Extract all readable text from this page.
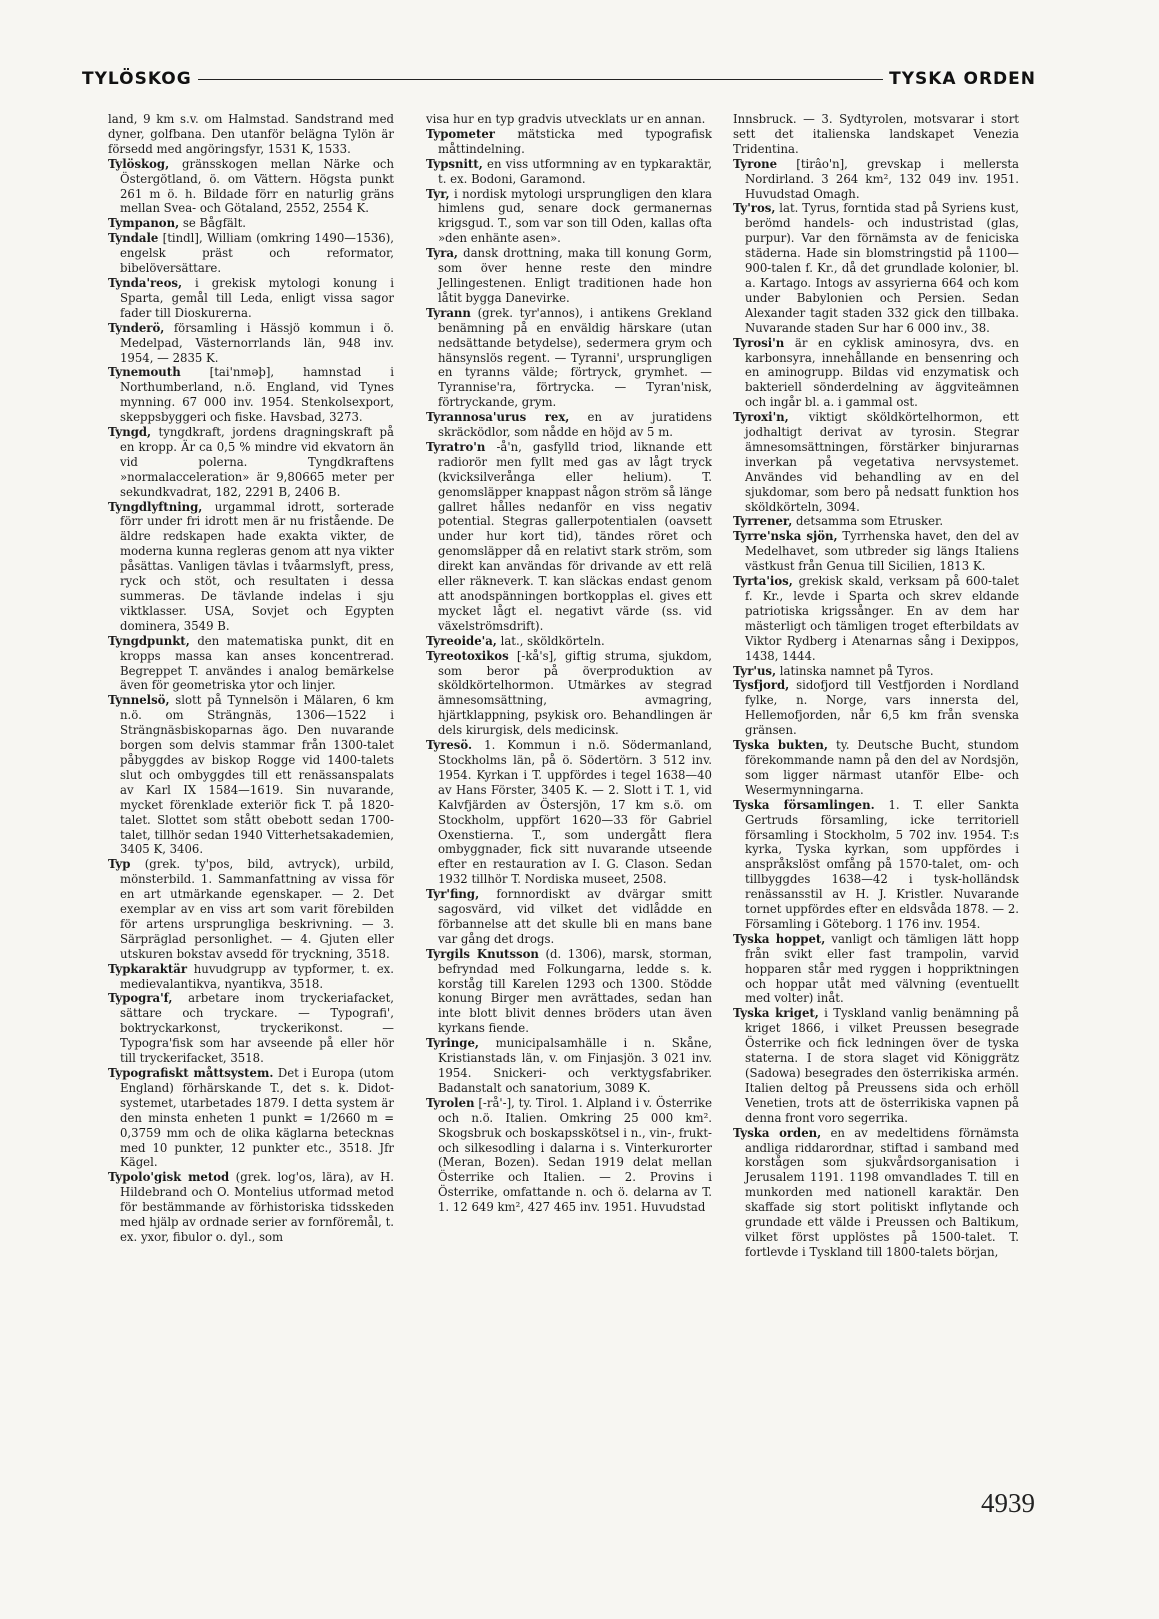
TYLÖSKOG	TYSKA ORDEN
land, 9 km s.v. om Halmstad. Sandstrand med dyner, golfbana. Den utanför belägna Tylön är försedd med angöringsfyr, 1531 K, 1533.
Tylöskog, gränsskogen mellan Närke och Östergötland, ö. om Vättern. Högsta punkt 261 m ö. h. Bildade förr en naturlig gräns mellan Svea- och Götaland, 2552, 2554 K.
Tympanon, se Bågfält.
Tyndale [tindl], William (omkring 1490—1536), engelsk präst och reformator, bibelöversättare.
Tynda'reos, i grekisk mytologi konung i Sparta, gemål till Leda, enligt vissa sagor fader till Dioskurerna.
Tynderö, församling i Hässjö kommun i ö. Medelpad, Västernorrlands län, 948 inv. 1954, — 2835 K.
Tynemouth [tai'nməþ], hamnstad i Northumberland, n.ö. England, vid Tynes mynning. 67 000 inv. 1954. Stenkolsexport, skeppsbyggeri och fiske. Havsbad, 3273.
Tyngd, tyngdkraft, jordens dragningskraft på en kropp. Är ca 0,5 % mindre vid ekvatorn än vid polerna. Tyngdkraftens »normalacceleration» är 9,80665 meter per sekundkvadrat, 182, 2291 B, 2406 B.
Tyngdlyftning, urgammal idrott, sorterade förr under fri idrott men är nu fristående. De äldre redskapen hade exakta vikter, de moderna kunna regleras genom att nya vikter påsättas. Vanligen tävlas i tvåarmslyft, press, ryck och stöt, och resultaten i dessa summeras. De tävlande indelas i sju viktklasser. USA, Sovjet och Egypten dominera, 3549 B.
Tyngdpunkt, den matematiska punkt, dit en kropps massa kan anses koncentrerad. Begreppet T. användes i analog bemärkelse även för geometriska ytor och linjer.
Tynnelsö, slott på Tynnelsön i Mälaren, 6 km n.ö. om Strängnäs, 1306—1522 i Strängnäsbiskoparnas ägo. Den nuvarande borgen som delvis stammar från 1300-talet påbyggdes av biskop Rogge vid 1400-talets slut och ombyggdes till ett renässanspalats av Karl IX 1584—1619. Sin nuvarande, mycket förenklade exteriör fick T. på 1820-talet. Slottet som stått obebott sedan 1700-talet, tillhör sedan 1940 Vitterhetsakademien, 3405 K, 3406.
Typ (grek. ty'pos, bild, avtryck), urbild, mönsterbild. 1. Sammanfattning av vissa för en art utmärkande egenskaper. — 2. Det exemplar av en viss art som varit förebilden för artens ursprungliga beskrivning. — 3. Särpräglad personlighet. — 4. Gjuten eller utskuren bokstav avsedd för tryckning, 3518.
Typkaraktär huvudgrupp av typformer, t. ex. medievalantikva, nyantikva, 3518.
Typogra'f, arbetare inom tryckeriafacket, sättare och tryckare. — Typografi', boktryckarkonst, tryckerikonst. — Typogra'fisk som har avseende på eller hör till tryckerifacket, 3518.
Typografiskt måttsystem. Det i Europa (utom England) förhärskande T., det s. k. Didot-systemet, utarbetades 1879. I detta system är den minsta enheten 1 punkt = 1/2660 m = 0,3759 mm och de olika käglarna betecknas med 10 punkter, 12 punkter etc., 3518. Jfr Kägel.
Typolo'gisk metod (grek. log'os, lära), av H. Hildebrand och O. Montelius utformad metod för bestämmande av förhistoriska tidsskeden med hjälp av ordnade serier av fornföremål, t. ex. yxor, fibulor o. dyl., som
visa hur en typ gradvis utvecklats ur en annan.
Typometer mätsticka med typografisk måttindelning.
Typsnitt, en viss utformning av en typkaraktär, t. ex. Bodoni, Garamond.
Tyr, i nordisk mytologi ursprungligen den klara himlens gud, senare dock germanernas krigsgud. T., som var son till Oden, kallas ofta »den enhänte asen».
Tyra, dansk drottning, maka till konung Gorm, som över henne reste den mindre Jellingestenen. Enligt traditionen hade hon låtit bygga Danevirke.
Tyrann (grek. tyr'annos), i antikens Grekland benämning på en enväldig härskare (utan nedsättande betydelse), sedermera grym och hänsynslös regent. — Tyranni', ursprungligen en tyranns välde; förtryck, grymhet. — Tyrannise'ra, förtrycka. — Tyran'nisk, förtryckande, grym.
Tyrannosa'urus rex, en av juratidens skräcködlor, som nådde en höjd av 5 m.
Tyratro'n -å'n, gasfylld triod, liknande ett radiorör men fyllt med gas av lågt tryck (kvicksilverånga eller helium). T. genomsläpper knappast någon ström så länge gallret hålles nedanför en viss negativ potential. Stegras gallerpotentialen (oavsett under hur kort tid), tändes röret och genomsläpper då en relativt stark ström, som direkt kan användas för drivande av ett relä eller räkneverk. T. kan släckas endast genom att anodspänningen bortkopplas el. gives ett mycket lågt el. negativt värde (ss. vid växelströmsdrift).
Tyreoide'a, lat., sköldkörteln.
Tyreotoxikos [-kå's], giftig struma, sjukdom, som beror på överproduktion av sköldkörtelhormon. Utmärkes av stegrad ämnesomsättning, avmagring, hjärtklappning, psykisk oro. Behandlingen är dels kirurgisk, dels medicinsk.
Tyresö. 1. Kommun i n.ö. Södermanland, Stockholms län, på ö. Södertörn. 3 512 inv. 1954. Kyrkan i T. uppfördes i tegel 1638—40 av Hans Förster, 3405 K. — 2. Slott i T. 1, vid Kalvfjärden av Östersjön, 17 km s.ö. om Stockholm, uppfört 1620—33 för Gabriel Oxenstierna. T., som undergått flera ombyggnader, fick sitt nuvarande utseende efter en restauration av I. G. Clason. Sedan 1932 tillhör T. Nordiska museet, 2508.
Tyr'fing, fornnordiskt av dvärgar smitt sagosvärd, vid vilket det vidlådde en förbannelse att det skulle bli en mans bane var gång det drogs.
Tyrgils Knutsson (d. 1306), marsk, storman, befryndad med Folkungarna, ledde s. k. korståg till Karelen 1293 och 1300. Stödde konung Birger men avrättades, sedan han inte blott blivit dennes bröders utan även kyrkans fiende.
Tyringe, municipalsamhälle i n. Skåne, Kristianstads län, v. om Finjasjön. 3 021 inv. 1954. Snickeri- och verktygsfabriker. Badanstalt och sanatorium, 3089 K.
Tyrolen [-rå'-], ty. Tirol. 1. Alpland i v. Österrike och n.ö. Italien. Omkring 25 000 km². Skogsbruk och boskapsskötsel i n., vin-, frukt- och silkesodling i dalarna i s. Vinterkurorter (Meran, Bozen). Sedan 1919 delat mellan Österrike och Italien. — 2. Provins i Österrike, omfattande n. och ö. delarna av T. 1. 12 649 km², 427 465 inv. 1951. Huvudstad
Innsbruck. — 3. Sydtyrolen, motsvarar i stort sett det italienska landskapet Venezia Tridentina.
Tyrone [tirâo'n], grevskap i mellersta Nordirland. 3 264 km², 132 049 inv. 1951. Huvudstad Omagh.
Ty'ros, lat. Tyrus, forntida stad på Syriens kust, berömd handels- och industristad (glas, purpur). Var den förnämsta av de feniciska städerna. Hade sin blomstringstid på 1100—900-talen f. Kr., då det grundlade kolonier, bl. a. Kartago. Intogs av assyrierna 664 och kom under Babylonien och Persien. Sedan Alexander tagit staden 332 gick den tillbaka. Nuvarande staden Sur har 6 000 inv., 38.
Tyrosi'n är en cyklisk aminosyra, dvs. en karbonsyra, innehållande en bensenring och en aminogrupp. Bildas vid enzymatisk och bakteriell sönderdelning av äggviteämnen och ingår bl. a. i gammal ost.
Tyroxi'n, viktigt sköldkörtelhormon, ett jodhaltigt derivat av tyrosin. Stegrar ämnesomsättningen, förstärker binjurarnas inverkan på vegetativa nervsystemet. Användes vid behandling av en del sjukdomar, som bero på nedsatt funktion hos sköldkörteln, 3094.
Tyrrener, detsamma som Etrusker.
Tyrre'nska sjön, Tyrrhenska havet, den del av Medelhavet, som utbreder sig längs Italiens västkust från Genua till Sicilien, 1813 K.
Tyrta'ios, grekisk skald, verksam på 600-talet f. Kr., levde i Sparta och skrev eldande patriotiska krigssånger. En av dem har mästerligt och tämligen troget efterbildats av Viktor Rydberg i Atenarnas sång i Dexippos, 1438, 1444.
Tyr'us, latinska namnet på Tyros.
Tysfjord, sidofjord till Vestfjorden i Nordland fylke, n. Norge, vars innersta del, Hellemofjorden, når 6,5 km från svenska gränsen.
Tyska bukten, ty. Deutsche Bucht, stundom förekommande namn på den del av Nordsjön, som ligger närmast utanför Elbe- och Wesermynningarna.
Tyska församlingen. 1. T. eller Sankta Gertruds församling, icke territoriell församling i Stockholm, 5 702 inv. 1954. T:s kyrka, Tyska kyrkan, som uppfördes i anspråkslöst omfång på 1570-talet, om- och tillbyggdes 1638—42 i tysk-holländsk renässansstil av H. J. Kristler. Nuvarande tornet uppfördes efter en eldsvåda 1878. — 2. Församling i Göteborg. 1 176 inv. 1954.
Tyska hoppet, vanligt och tämligen lätt hopp från svikt eller fast trampolin, varvid hopparen står med ryggen i hoppriktningen och hoppar utåt med välvning (eventuellt med volter) inåt.
Tyska kriget, i Tyskland vanlig benämning på kriget 1866, i vilket Preussen besegrade Österrike och fick ledningen över de tyska staterna. I de stora slaget vid Königgrätz (Sadowa) besegrades den österrikiska armén. Italien deltog på Preussens sida och erhöll Venetien, trots att de österrikiska vapnen på denna front voro segerrika.
Tyska orden, en av medeltidens förnämsta andliga riddarordnar, stiftad i samband med korstågen som sjukvårdsorganisation i Jerusalem 1191. 1198 omvandlades T. till en munkorden med nationell karaktär. Den skaffade sig stort politiskt inflytande och grundade ett välde i Preussen och Baltikum, vilket först upplöstes på 1500-talet. T. fortlevde i Tyskland till 1800-talets början,
4939
